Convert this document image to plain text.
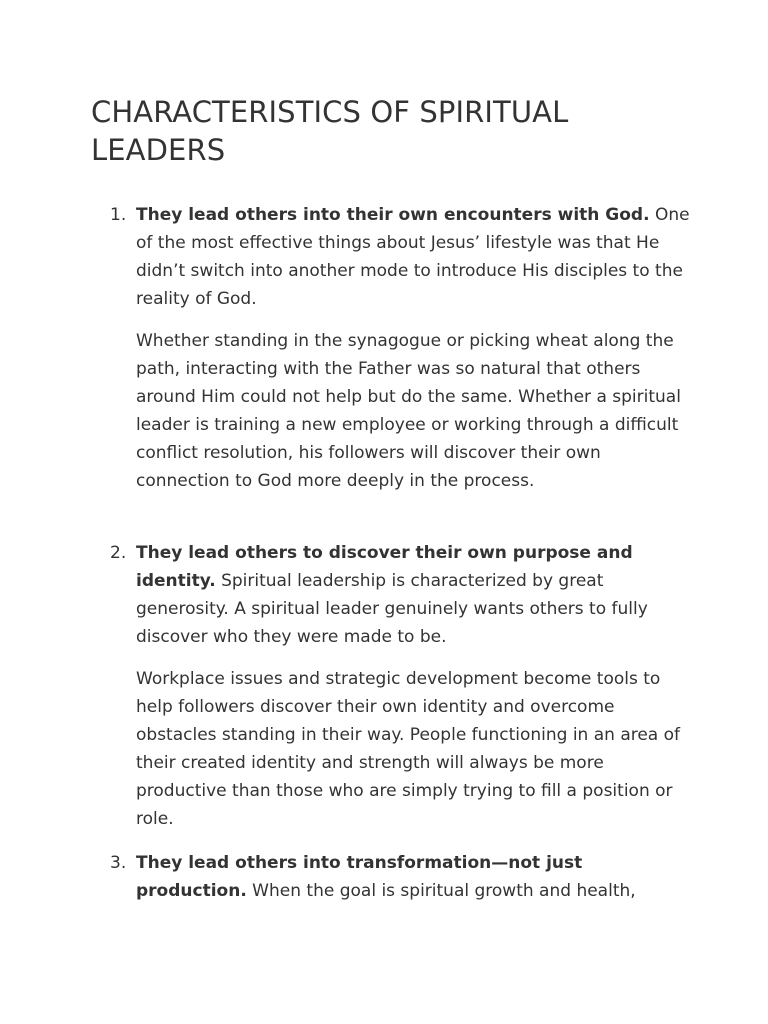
CHARACTERISTICS OF SPIRITUAL LEADERS
1. They lead others into their own encounters with God. One of the most effective things about Jesus’ lifestyle was that He didn’t switch into another mode to introduce His disciples to the reality of God.

Whether standing in the synagogue or picking wheat along the path, interacting with the Father was so natural that others around Him could not help but do the same. Whether a spiritual leader is training a new employee or working through a difficult conflict resolution, his followers will discover their own connection to God more deeply in the process.

2. They lead others to discover their own purpose and identity. Spiritual leadership is characterized by great generosity. A spiritual leader genuinely wants others to fully discover who they were made to be.

Workplace issues and strategic development become tools to help followers discover their own identity and overcome obstacles standing in their way. People functioning in an area of their created identity and strength will always be more productive than those who are simply trying to fill a position or role.

3. They lead others into transformation—not just production. When the goal is spiritual growth and health,
